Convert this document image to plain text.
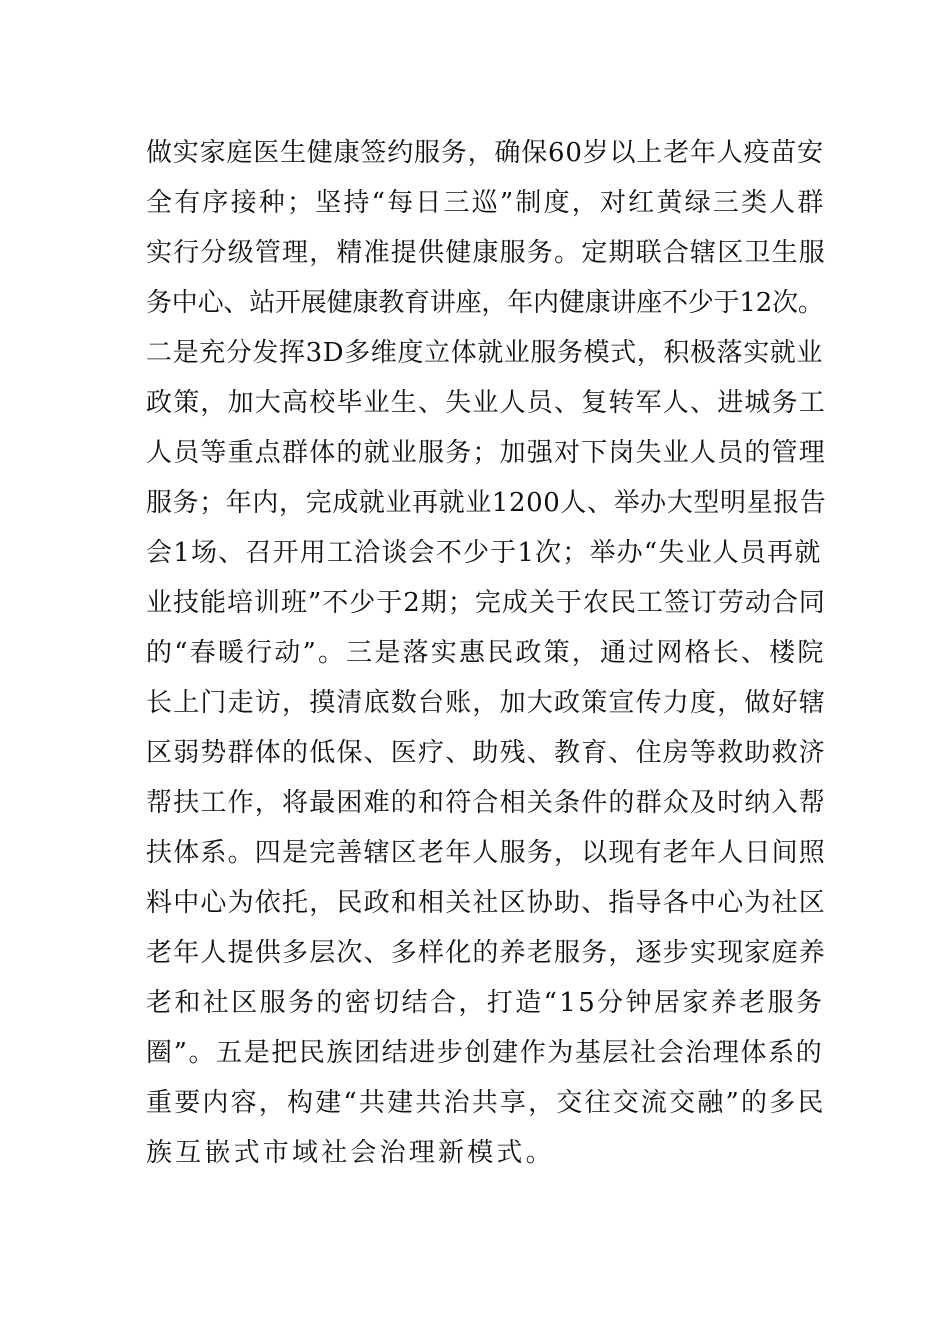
做实家庭医生健康签约服务，确保60岁以上老年人疫苗安
全有序接种；坚持“每日三巡”制度，对红黄绿三类人群
实行分级管理，精准提供健康服务。定期联合辖区卫生服
务中心、站开展健康教育讲座，年内健康讲座不少于12次。
二是充分发挥3D多维度立体就业服务模式，积极落实就业
政策，加大高校毕业生、失业人员、复转军人、进城务工
人员等重点群体的就业服务；加强对下岗失业人员的管理
服务；年内，完成就业再就业1200人、举办大型明星报告
会1场、召开用工洽谈会不少于1次；举办“失业人员再就
业技能培训班”不少于2期；完成关于农民工签订劳动合同
的“春暖行动”。三是落实惠民政策，通过网格长、楼院
长上门走访，摸清底数台账，加大政策宣传力度，做好辖
区弱势群体的低保、医疗、助残、教育、住房等救助救济
帮扶工作，将最困难的和符合相关条件的群众及时纳入帮
扶体系。四是完善辖区老年人服务，以现有老年人日间照
料中心为依托，民政和相关社区协助、指导各中心为社区
老年人提供多层次、多样化的养老服务，逐步实现家庭养
老和社区服务的密切结合，打造“15分钟居家养老服务
圈”。五是把民族团结进步创建作为基层社会治理体系的
重要内容，构建“共建共治共享，交往交流交融”的多民
族互嵌式市域社会治理新模式。
